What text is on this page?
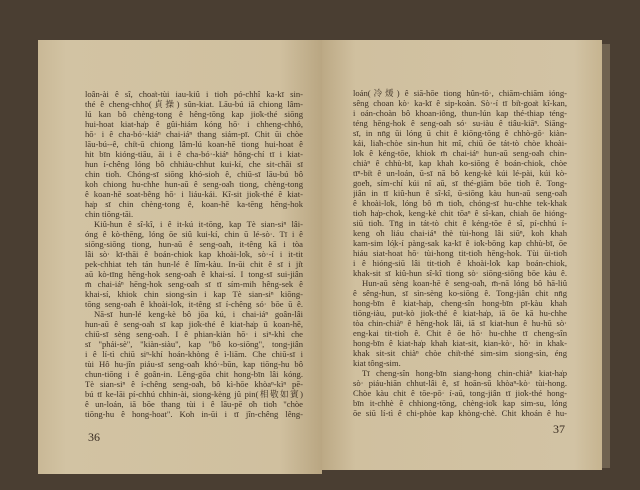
loân-ài ê sî, choa̍t-tùi iau-kiû i tio̍h pó-chhî ka-kī sin-
thé ê cheng-chho(貞操) sûn-kiat. Lāu-bú iā chiong lâm-
lú kan bô chèng-tong ê hêng-tōng kap jio̍k-thé siōng
hui-hoat kiat-ha̍p ê gûi-hiám kóng hō· i chheng-chhó,
hō· i ê cha-bó·-kiáⁿ chai-iáⁿ thang siám-pī. Chit ūi chòe
lāu-bú--ê, chi̍t-ū chiong lâm-lú koan-hē tiong hui-hoat ê
hit bīn kióng-tiāu, āi i ê cha-bó·-kiáⁿ hông-chí tī i kiat-
hun í-chêng lóng bô chhiàu-chhut kui-kí, che sit-chāi sī
chin tio̍h. Chóng-sī siōng khó-sioh ê, chiū-sī lāu-bú bô
koh chiong hu-chhe hun-aū ê seng-oa̍h tiong, chèng-tong
ê koan-hē soat-bêng hō· i liáu-kái. Kî-sit jio̍k-thé ê kiat-
ha̍p sī chin chèng-tong ê, koan-hē ka-tēng hēng-hok
chin tiōng-tāi.
Kiû-hun ê sî-kî, i ê it-kú it-tōng, kap Tè sian-siⁿ lâi-
óng ê kò-thēng, lóng ōe siû kui-kí, chin ū lé-sò·. Tī i ê
siōng-siōng tiong, hun-aū ê seng-oa̍h, it-têng kā i tòa
lâi sò· kī-thāi ê boán-chiok kap khoài-lo̍k, sò·-í i it-tit
pek-chhiat teh tán hun-lé ê lîm-kàu. In-ūi chit ê sī i ji̍t
aū kò-tīng hēng-hok seng-oa̍h ê khai-sí. I tong-sī sui-jiân
m̄ chai-iáⁿ hēng-hok seng-oa̍h sī tī sím-mih hêng-sek ê
khai-sí, khiok chin siong-sìn i kap Tè sian-siⁿ kiōng-
tōng seng-oa̍h ê khoài-lo̍k, it-têng sī í-chêng só· bōe ū ê.
Nā-sī hun-lé keng-kè bô jōa kú, i chai-iáⁿ goân-lâi
hun-aū ê seng-oa̍h sī kap jio̍k-thé ê kiat-ha̍p ū koan-hē,
chiū-sī sèng seng-oa̍h. I ê phian-kiàn hō· i siⁿ-khì che
sī "phái-sè", "kiàn-siàu", kap "bô ko-siōng", tong-jiân
i ê lí-tì chiū siⁿ-khí hoán-khòng ê ì-liām. Che chiū-sī i
tùi Hô hu-jîn piáu-sī seng-oa̍h khó·-būn, kap tiōng-hu bô
chun-tiōng i ê goân-in. Lēng-gōa chit hong-bīn lâi kóng.
Tè sian-siⁿ ê í-chêng seng-oa̍h, bô kì-hōe khòaⁿ-kìⁿ pē-
bú tī ke-lāi pí-chhú chhin-ài, siong-kèng jû pin(相敬如賓)
ê un-loán, iā bōe thang tùi i ê lāu-pē o̍h tio̍h "chòe
tiōng-hu ê hong-hoat". Koh in-ūi i tī jîn-chêng lêng-
36
loán(冷煖) ê siā-hōe tiong hûn-tō·, chiām-chiām ióng-
sêng choan kò· ka-kī ê sip-koàn. Sò·-í tī bi̍t-goa̍t kî-kan,
i oán-choàn bô khoan-iông, thun-lún kap thé-thiap téng-
téng hēng-hok ê seng-oa̍h só· su-iàu ê tiâu-kiāⁿ. Siāng-
sī, in nn̄g ūi lóng ū chit ê kiōng-tōng ê chhò-gō· kiàn-
kái, lia̍h-chòe sin-hun hit mî, chiū ōe tát-tò chòe khoài-
lo̍k ê kéng-tōe, khiok m̄ chai-iáⁿ hun-aū seng-oa̍h chin-
chiàⁿ ê chhù-bī, kap khah ko-siōng ê boán-chiok, chòe
tīⁿ-bi̍t ê un-loán, ū-sī nā bô keng-kè kúi lé-pài, kúi kò-
goe̍h, sím-chí kúi nî aū, sī thé-giām bōe tio̍h ê. Tong-
jiân in tī kiû-hun ê sî-kî, ū-siōng kàu hun-aū seng-oa̍h
ê khoài-lo̍k, lóng bô m̄ tio̍h, chóng-sī hu-chhe tek-khak
tio̍h ha̍p-chok, keng-kè chit tōaⁿ ê sî-kan, chiah ōe hióng-
siū tio̍h. Tn̄g in tát-tò chit ê kéng-tōe ê sî, pí-chhú í-
keng o̍h liáu chai-iáⁿ thè tùi-hong lâi siūⁿ, koh khah
kam-sim ló̤k-í pàng-sak ka-kī ê io̍k-bōng kap chhù-bī, ōe
hiáu siat-hoat hō· tùi-hong tit-tio̍h hēng-hok. Tùi ūi-tio̍h
i ê hióng-siū lâi tit-tio̍h ê khoài-lo̍k kap boán-chiok,
khak-sit sī kiû-hun sî-kî tiong sò· siōng-siōng bōe kàu ê.
Hun-aū sèng koan-hē ê seng-oa̍h, m̄-nā lóng bô hā-liû
ê sêng-hun, sī sìn-sèng ko-siōng ê. Tong-jiân chit nn̄g
hong-bīn ê kiat-ha̍p, cheng-sîn hong-bīn pī-kàu khah
tiōng-iàu, put-kò jio̍k-thé ê kiat-ha̍p, iā ōe kā hu-chhe
tòa chin-chiàⁿ ê hēng-hok lâi, iā sī kiat-hun ê hu-hū sò·
eng-kai tit-tio̍h ê. Chit ê ōe hō· hu-chhe tī cheng-sîn
hong-bīn ê kiat-ha̍p khah kiat-sit, kian-kò·, hō· in khak-
khak sit-sit chiàⁿ chòe chi̍t-thé sim-sim siong-sìn, éng
kiat tông-sim.
Tī cheng-sîn hong-bīn siang-hong chin-chiàⁿ kiat-ha̍p
sò· piáu-hiān chhut-lâi ê, sī hoān-sū khòaⁿ-kò· tùi-hong.
Chòe kàu chit ê tōe-pō· í-aū, tong-jiân tī jio̍k-thé hong-
bīn it-chhè ê chhiong-tōng, chèng-io̍k kap sim-su, lóng
ōe siū lí-tì ê chi-phòe kap khòng-chè. Chit khoán ê hu-
37
